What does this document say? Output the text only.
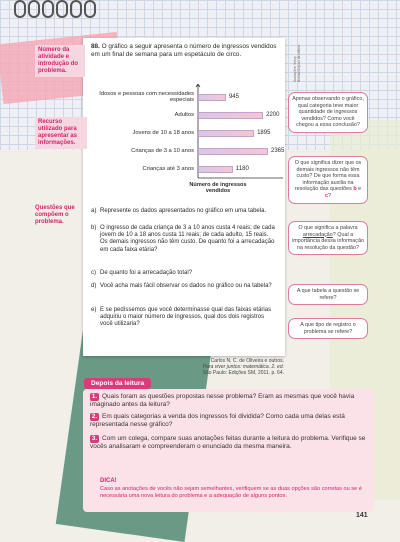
88. O gráfico a seguir apresenta o número de ingressos vendidos em um final de semana para um espetáculo de circo.
Ilustrações: Setup Bureau/Arquivo da editora
Idosos e pessoas com necessidades especiais
945
Adultos	2200
Jovens de 10 a 18 anos	1895
Crianças de 3 a 10 anos	2365
Crianças até 3 anos	1180
Número de ingressos vendidos
a) Represente os dados apresentados no gráfico em uma tabela.
b) O ingresso de cada criança de 3 a 10 anos custa 4 reais; de cada jovem de 10 a 18 anos custa 11 reais; de cada adulto, 15 reais. Os demais ingressos não têm custo. De quanto foi a arrecadação em cada faixa etária?
c) De quanto foi a arrecadação total?
d) Você acha mais fácil observar os dados no gráfico ou na tabela?
e) E se pedíssemos que você determinasse qual das faixas etárias adquiriu o maior número de ingressos, qual dos dois registros você utilizaria?
Carlos N. C. de Oliveira e outros.
Para viver juntos: matemática. 2. ed.
São Paulo: Edições SM, 2011. p. 64.
Número da atividade e introdução do problema.
Recurso utilizado para apresentar as informações.
Questões que compõem o problema.
Apenas observando o gráfico, qual categoria teve maior quantidade de ingressos vendidos? Como você chegou a essa conclusão?
O que significa dizer que os demais ingressos não têm custo? De que forma essa informação auxilia na resolução das questões b e c?
O que significa a palavra arrecadação? Qual a importância dessa informação na resolução da questão?
A que tabela a questão se refere?
A que tipo de registro o problema se refere?
Depois da leitura
1. Quais foram as questões propostas nesse problema? Eram as mesmas que você havia imaginado antes da leitura?
2. Em quais categorias a venda dos ingressos foi dividida? Como cada uma delas está representada nesse gráfico?
3. Com um colega, compare suas anotações feitas durante a leitura do problema. Verifique se vocês analisaram e compreenderam o enunciado da mesma maneira.
DICA!
Caso as anotações de vocês não sejam semelhantes, verifiquem se as duas opções são corretas ou se é necessária uma nova leitura do problema e a adequação de alguns pontos.
141
